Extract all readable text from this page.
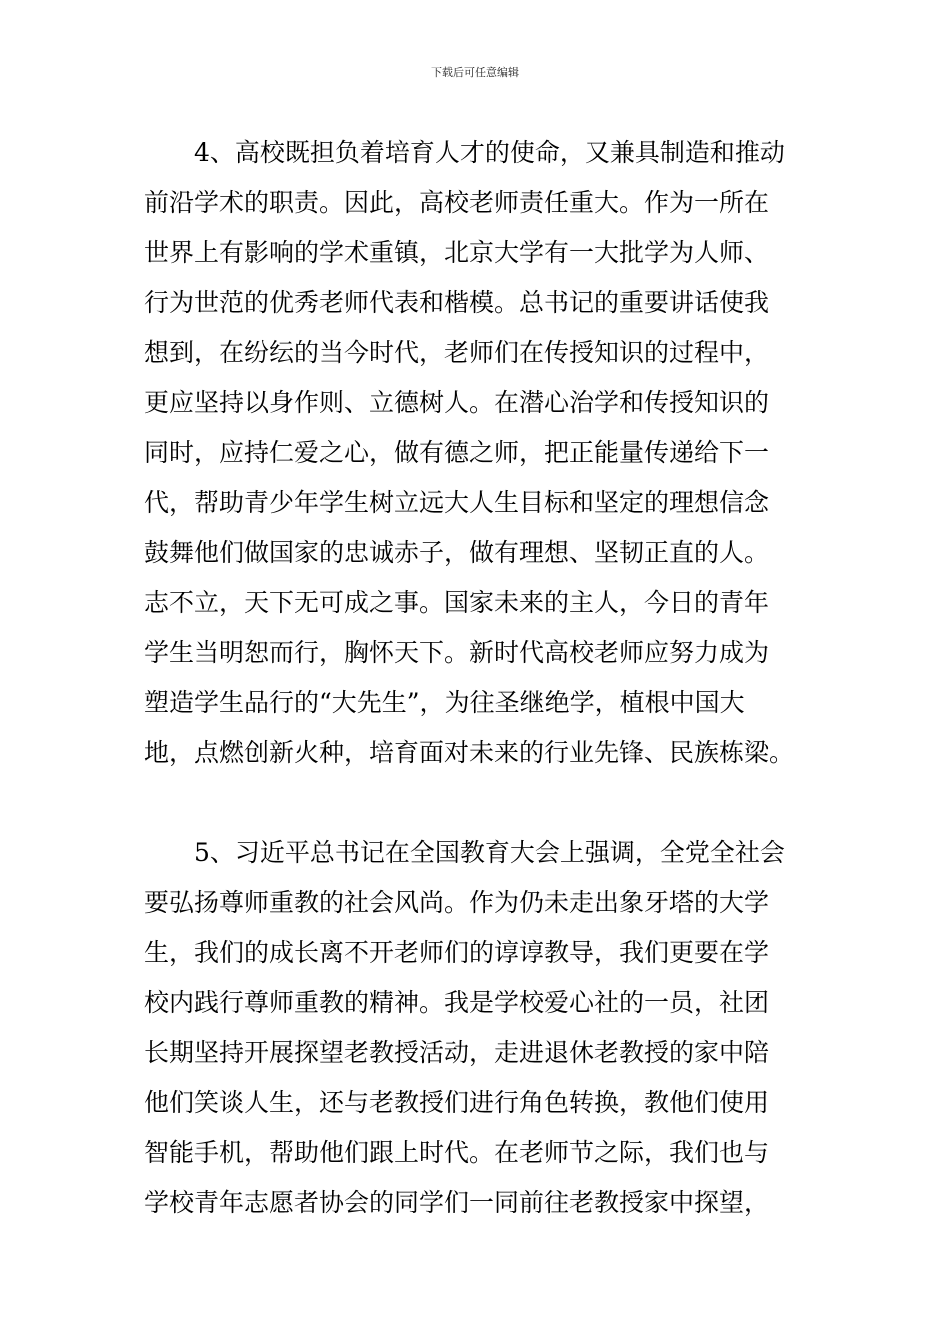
下载后可任意编辑
4、高校既担负着培育人才的使命，又兼具制造和推动
前沿学术的职责。因此，高校老师责任重大。作为一所在
世界上有影响的学术重镇，北京大学有一大批学为人师、
行为世范的优秀老师代表和楷模。总书记的重要讲话使我
想到，在纷纭的当今时代，老师们在传授知识的过程中，
更应坚持以身作则、立德树人。在潜心治学和传授知识的
同时，应持仁爱之心，做有德之师，把正能量传递给下一
代，帮助青少年学生树立远大人生目标和坚定的理想信念
鼓舞他们做国家的忠诚赤子，做有理想、坚韧正直的人。
志不立，天下无可成之事。国家未来的主人，今日的青年
学生当明恕而行，胸怀天下。新时代高校老师应努力成为
塑造学生品行的“大先生”，为往圣继绝学，植根中国大
地，点燃创新火种，培育面对未来的行业先锋、民族栋梁。
5、习近平总书记在全国教育大会上强调，全党全社会
要弘扬尊师重教的社会风尚。作为仍未走出象牙塔的大学
生，我们的成长离不开老师们的谆谆教导，我们更要在学
校内践行尊师重教的精神。我是学校爱心社的一员，社团
长期坚持开展探望老教授活动，走进退休老教授的家中陪
他们笑谈人生，还与老教授们进行角色转换，教他们使用
智能手机，帮助他们跟上时代。在老师节之际，我们也与
学校青年志愿者协会的同学们一同前往老教授家中探望，
